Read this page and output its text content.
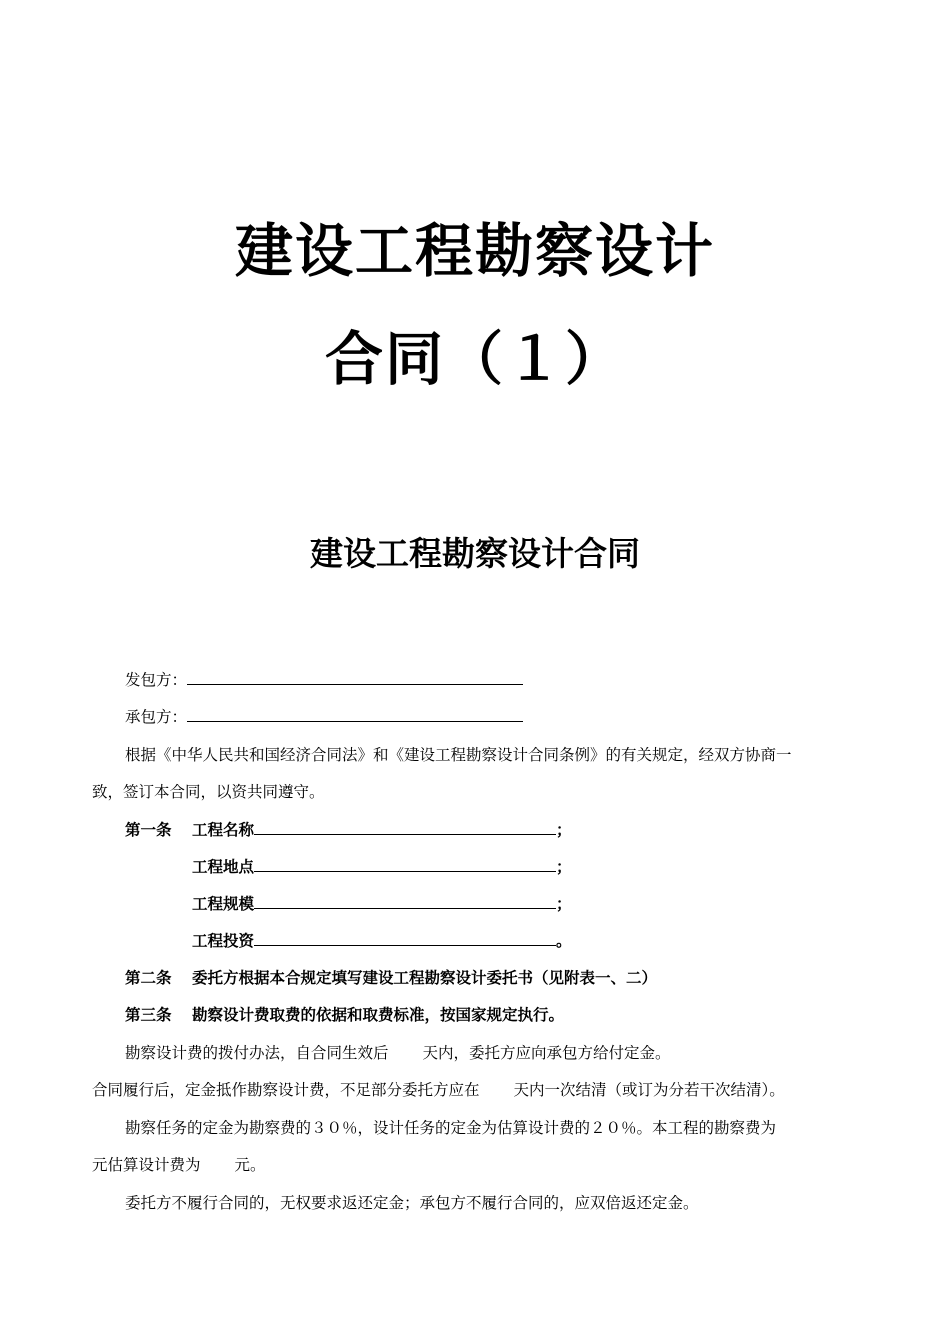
建设工程勘察设计
合同（１）
建设工程勘察设计合同
发包方：
承包方：
根据《中华人民共和国经济合同法》和《建设工程勘察设计合同条例》的有关规定，经双方协商一
致，签订本合同，以资共同遵守。
第一条 工程名称	；
工程地点	；
工程规模	；
工程投资	。
第二条 委托方根据本合规定填写建设工程勘察设计委托书（见附表一、二）
第三条 勘察设计费取费的依据和取费标准，按国家规定执行。
勘察设计费的拨付办法，自合同生效后 天内，委托方应向承包方给付定金。
合同履行后，定金抵作勘察设计费，不足部分委托方应在 天内一次结清（或订为分若干次结清）。
勘察任务的定金为勘察费的３０％，设计任务的定金为估算设计费的２０％。本工程的勘察费为
元估算设计费为 元。
委托方不履行合同的，无权要求返还定金；承包方不履行合同的，应双倍返还定金。
